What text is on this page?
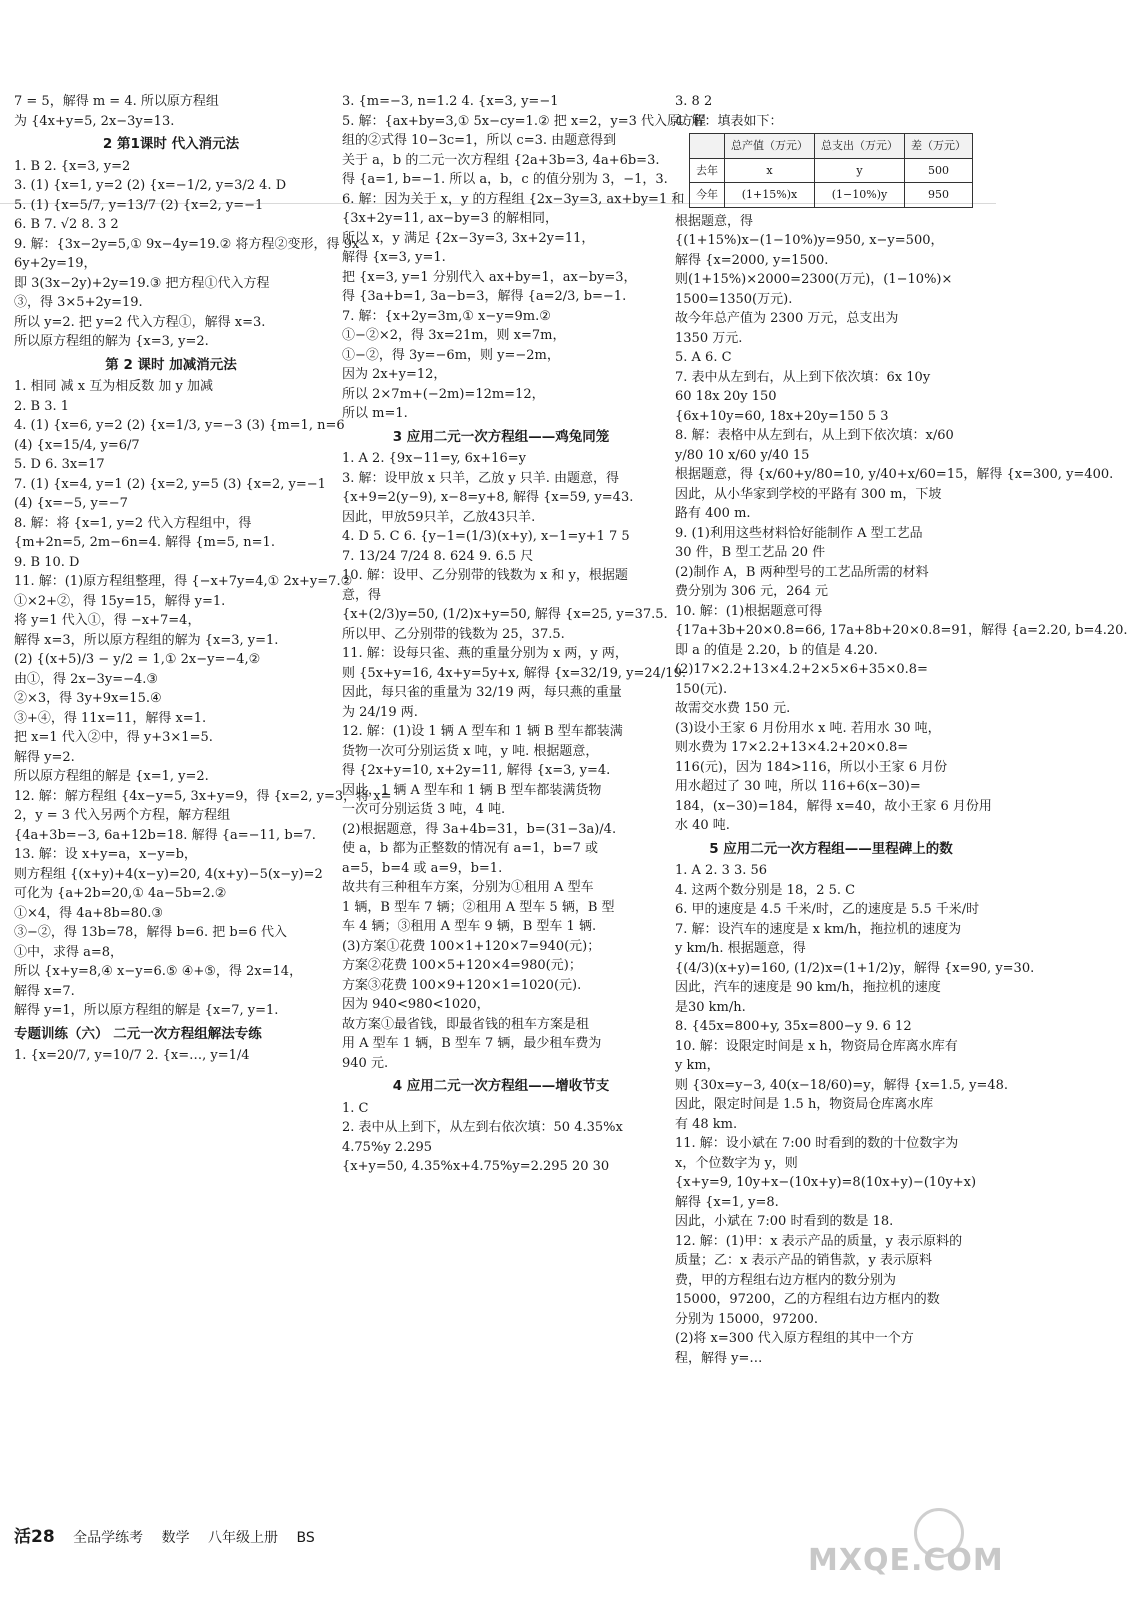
7 = 5，解得 m = 4. 所以原方程组
为 {4x+y=5, 2x−3y=13.
2 第1课时 代入消元法
1. B 2. {x=3, y=2
3. (1) {x=1, y=2 (2) {x=−1/2, y=3/2 4. D
5. (1) {x=5/7, y=13/7 (2) {x=2, y=−1
6. B 7. √2 8. 3 2
9. 解：{3x−2y=5,① 9x−4y=19.② 将方程②变形，得 9x−
6y+2y=19，
即 3(3x−2y)+2y=19.③ 把方程①代入方程
③，得 3×5+2y=19.
所以 y=2. 把 y=2 代入方程①，解得 x=3.
所以原方程组的解为 {x=3, y=2.
第 2 课时 加减消元法
1. 相同 减 x 互为相反数 加 y 加减
2. B 3. 1
4. (1) {x=6, y=2 (2) {x=1/3, y=−3 (3) {m=1, n=6
(4) {x=15/4, y=6/7
5. D 6. 3x=17
7. (1) {x=4, y=1 (2) {x=2, y=5 (3) {x=2, y=−1
(4) {x=−5, y=−7
8. 解：将 {x=1, y=2 代入方程组中，得
{m+2n=5, 2m−6n=4. 解得 {m=5, n=1.
9. B 10. D
11. 解：(1)原方程组整理，得 {−x+7y=4,① 2x+y=7.②
①×2+②，得 15y=15，解得 y=1.
将 y=1 代入①，得 −x+7=4，
解得 x=3，所以原方程组的解为 {x=3, y=1.
(2) {(x+5)/3 − y/2 = 1,① 2x−y=−4,②
由①，得 2x−3y=−4.③
②×3，得 3y+9x=15.④
③+④，得 11x=11，解得 x=1.
把 x=1 代入②中，得 y+3×1=5.
解得 y=2.
所以原方程组的解是 {x=1, y=2.
12. 解：解方程组 {4x−y=5, 3x+y=9，得 {x=2, y=3，将 x=
2，y = 3 代入另两个方程，解方程组
{4a+3b=−3, 6a+12b=18. 解得 {a=−11, b=7.
13. 解：设 x+y=a，x−y=b，
则方程组 {(x+y)+4(x−y)=20, 4(x+y)−5(x−y)=2
可化为 {a+2b=20,① 4a−5b=2.②
①×4，得 4a+8b=80.③
③−②，得 13b=78，解得 b=6. 把 b=6 代入
①中，求得 a=8，
所以 {x+y=8,④ x−y=6.⑤ ④+⑤，得 2x=14，
解得 x=7.
解得 y=1，所以原方程组的解是 {x=7, y=1.
专题训练（六） 二元一次方程组解法专练
1. {x=20/7, y=10/7 2. {x=…, y=1/4
3. {m=−3, n=1.2 4. {x=3, y=−1
5. 解：{ax+by=3,① 5x−cy=1.② 把 x=2，y=3 代入原方程
组的②式得 10−3c=1，所以 c=3. 由题意得到
关于 a，b 的二元一次方程组 {2a+3b=3, 4a+6b=3.
得 {a=1, b=−1. 所以 a，b，c 的值分别为 3，−1，3.
6. 解：因为关于 x，y 的方程组 {2x−3y=3, ax+by=1 和
{3x+2y=11, ax−by=3 的解相同，
所以 x，y 满足 {2x−3y=3, 3x+2y=11，
解得 {x=3, y=1.
把 {x=3, y=1 分别代入 ax+by=1，ax−by=3，
得 {3a+b=1, 3a−b=3，解得 {a=2/3, b=−1.
7. 解：{x+2y=3m,① x−y=9m.②
①−②×2，得 3x=21m，则 x=7m，
①−②，得 3y=−6m，则 y=−2m，
因为 2x+y=12，
所以 2×7m+(−2m)=12m=12，
所以 m=1.
3 应用二元一次方程组——鸡兔同笼
1. A 2. {9x−11=y, 6x+16=y
3. 解：设甲放 x 只羊，乙放 y 只羊. 由题意，得
{x+9=2(y−9), x−8=y+8, 解得 {x=59, y=43.
因此，甲放59只羊，乙放43只羊.
4. D 5. C 6. {y−1=(1/3)(x+y), x−1=y+1 7 5
7. 13/24 7/24 8. 624 9. 6.5 尺
10. 解：设甲、乙分别带的钱数为 x 和 y，根据题
意，得
{x+(2/3)y=50, (1/2)x+y=50, 解得 {x=25, y=37.5.
所以甲、乙分别带的钱数为 25，37.5.
11. 解：设每只雀、燕的重量分别为 x 两，y 两，
则 {5x+y=16, 4x+y=5y+x, 解得 {x=32/19, y=24/19.
因此，每只雀的重量为 32/19 两，每只燕的重量
为 24/19 两.
12. 解：(1)设 1 辆 A 型车和 1 辆 B 型车都装满
货物一次可分别运货 x 吨，y 吨. 根据题意，
得 {2x+y=10, x+2y=11, 解得 {x=3, y=4.
因此，1 辆 A 型车和 1 辆 B 型车都装满货物
一次可分别运货 3 吨，4 吨.
(2)根据题意，得 3a+4b=31，b=(31−3a)/4.
使 a，b 都为正整数的情况有 a=1，b=7 或
a=5，b=4 或 a=9，b=1.
故共有三种租车方案，分别为①租用 A 型车
1 辆，B 型车 7 辆；②租用 A 型车 5 辆，B 型
车 4 辆；③租用 A 型车 9 辆，B 型车 1 辆.
(3)方案①花费 100×1+120×7=940(元)；
方案②花费 100×5+120×4=980(元)；
方案③花费 100×9+120×1=1020(元).
因为 940<980<1020，
故方案①最省钱，即最省钱的租车方案是租
用 A 型车 1 辆，B 型车 7 辆，最少租车费为
940 元.
4 应用二元一次方程组——增收节支
1. C
2. 表中从上到下，从左到右依次填：50 4.35%x
4.75%y 2.295
{x+y=50, 4.35%x+4.75%y=2.295 20 30
3. 8 2
4. 解：填表如下：
	总产值（万元）	总支出（万元）	差（万元）
去年	x	y	500
今年	(1+15%)x	(1−10%)y	950
根据题意，得
{(1+15%)x−(1−10%)y=950, x−y=500，
解得 {x=2000, y=1500.
则(1+15%)×2000=2300(万元)，(1−10%)×
1500=1350(万元).
故今年总产值为 2300 万元，总支出为
1350 万元.
5. A 6. C
7. 表中从左到右，从上到下依次填：6x 10y
60 18x 20y 150
{6x+10y=60, 18x+20y=150 5 3
8. 解：表格中从左到右，从上到下依次填：x/60
y/80 10 x/60 y/40 15
根据题意，得 {x/60+y/80=10, y/40+x/60=15，解得 {x=300, y=400.
因此，从小华家到学校的平路有 300 m，下坡
路有 400 m.
9. (1)利用这些材料恰好能制作 A 型工艺品
30 件，B 型工艺品 20 件
(2)制作 A，B 两种型号的工艺品所需的材料
费分别为 306 元，264 元
10. 解：(1)根据题意可得
{17a+3b+20×0.8=66, 17a+8b+20×0.8=91，解得 {a=2.20, b=4.20.
即 a 的值是 2.20，b 的值是 4.20.
(2)17×2.2+13×4.2+2×5×6+35×0.8=
150(元).
故需交水费 150 元.
(3)设小王家 6 月份用水 x 吨. 若用水 30 吨，
则水费为 17×2.2+13×4.2+20×0.8=
116(元)，因为 184>116，所以小王家 6 月份
用水超过了 30 吨，所以 116+6(x−30)=
184，(x−30)=184，解得 x=40，故小王家 6 月份用
水 40 吨.
5 应用二元一次方程组——里程碑上的数
1. A 2. 3 3. 56
4. 这两个数分别是 18，2 5. C
6. 甲的速度是 4.5 千米/时，乙的速度是 5.5 千米/时
7. 解：设汽车的速度是 x km/h，拖拉机的速度为
y km/h. 根据题意，得
{(4/3)(x+y)=160, (1/2)x=(1+1/2)y，解得 {x=90, y=30.
因此，汽车的速度是 90 km/h，拖拉机的速度
是30 km/h.
8. {45x=800+y, 35x=800−y 9. 6 12
10. 解：设限定时间是 x h，物资局仓库离水库有
y km，
则 {30x=y−3, 40(x−18/60)=y，解得 {x=1.5, y=48.
因此，限定时间是 1.5 h，物资局仓库离水库
有 48 km.
11. 解：设小斌在 7:00 时看到的数的十位数字为
x，个位数字为 y，则
{x+y=9, 10y+x−(10x+y)=8(10x+y)−(10y+x)
解得 {x=1, y=8.
因此，小斌在 7:00 时看到的数是 18.
12. 解：(1)甲：x 表示产品的质量，y 表示原料的
质量；乙：x 表示产品的销售款，y 表示原料
费，甲的方程组右边方框内的数分别为
15000，97200，乙的方程组右边方框内的数
分别为 15000，97200.
(2)将 x=300 代入原方程组的其中一个方
程，解得 y=…
活28 全品学练考 数学 八年级上册 BS
MXQE.COM
